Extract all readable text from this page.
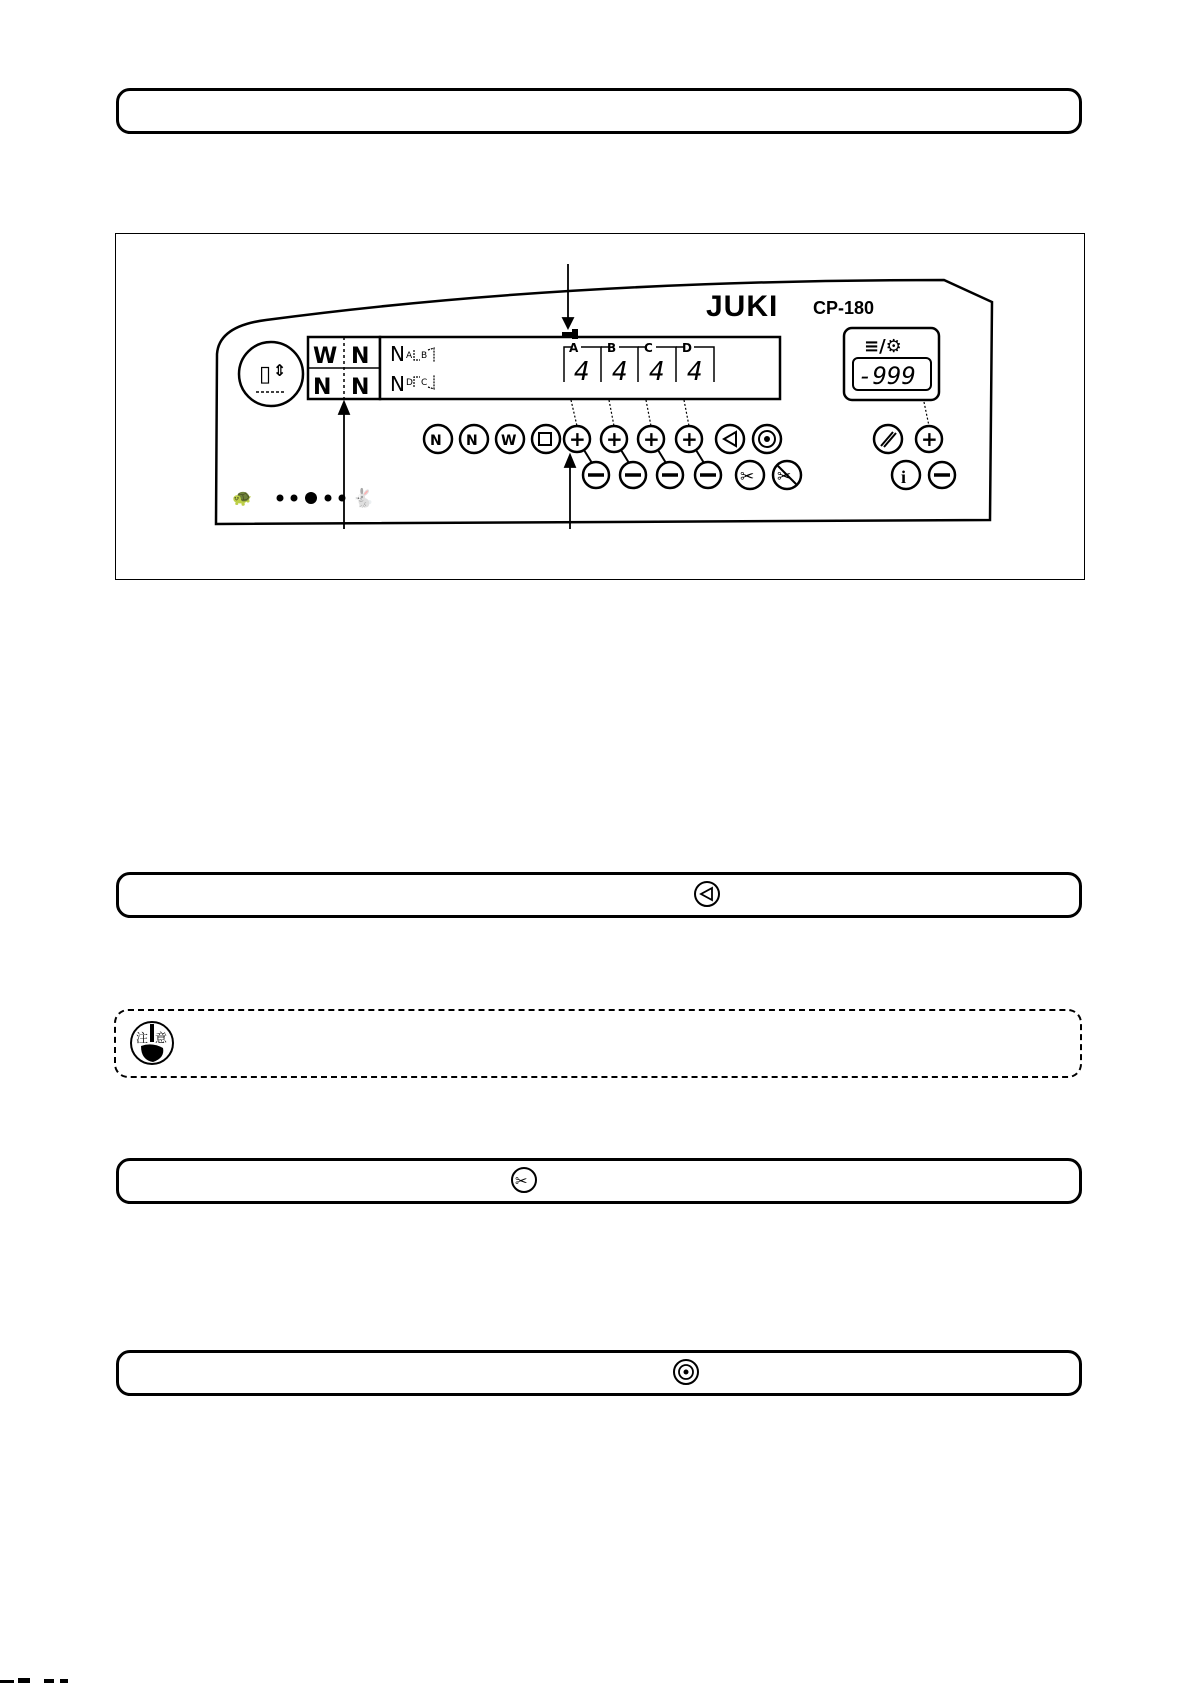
▯ ⇕
🐢	🐇
W N
N N
N
N
A B
D C
A B C D
4 4 4 4
JUKI CP-180
≡/⚙
-999
N N W	+ + + +
✂ ✂
+
i
注 意
✂
